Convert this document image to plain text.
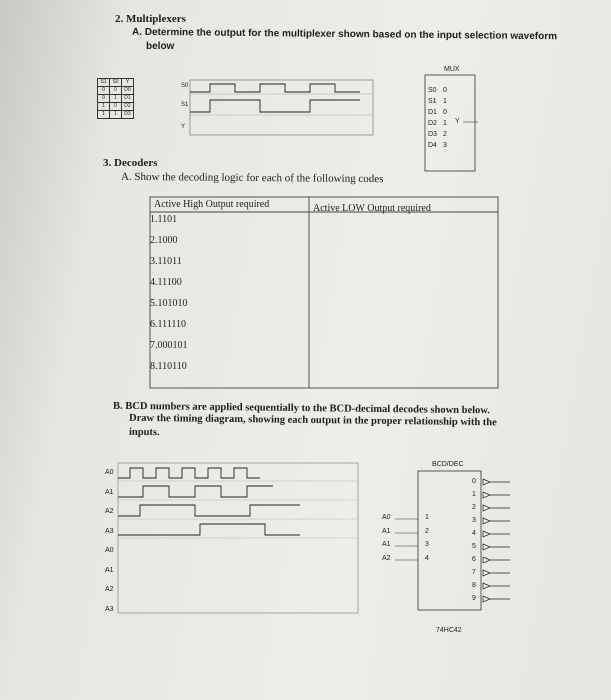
2. Multiplexers
A. Determine the output for the multiplexer shown based on the input selection waveform
below
S1	S0	Y
0	0	D0
0	1	D1
1	0	D2
1	1	D3
S0
S1
Y
MUX
S0 0
S1 1
D1 0
D2 1
D3 2
D4 3
Y
3. Decoders
A. Show the decoding logic for each of the following codes
Active High Output required	Active LOW Output required
1.1101
2.1000
3.11011
4.11100
5.101010
6.111110
7.000101
8.110110
B. BCD numbers are applied sequentially to the BCD-decimal decodes shown below.
Draw the timing diagram, showing each output in the proper relationship with the
inputs.
A0
A1
A2
A3
A0
A1
A2
A3
BCD/DEC
A0	1
A1	2
A1	3
A2	4
0
1
2
3
4
5
6
7
8
9
74HC42
